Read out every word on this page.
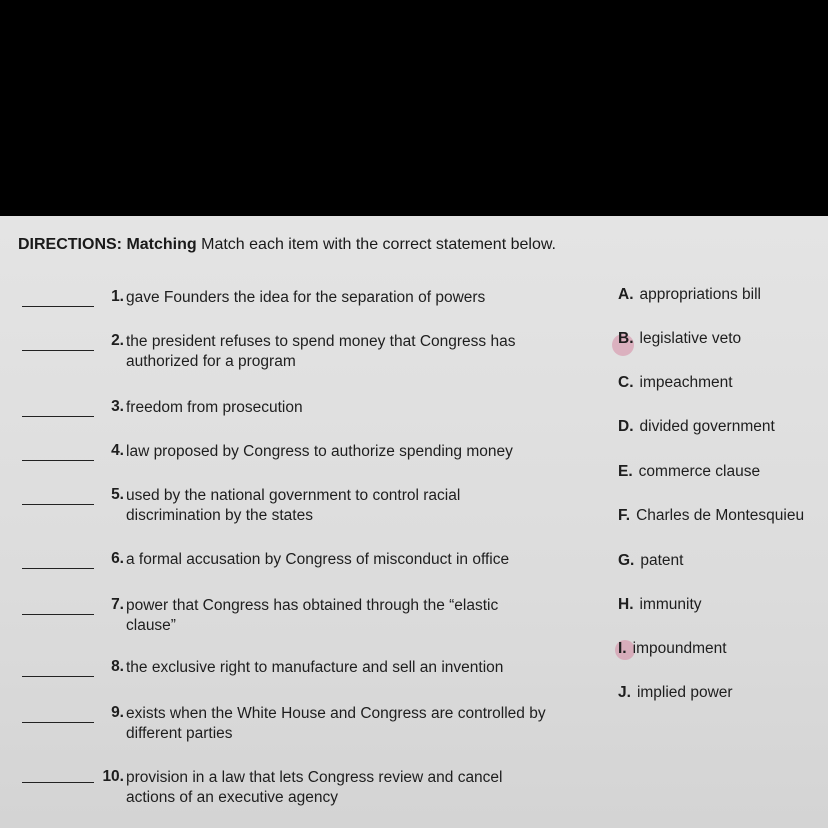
DIRECTIONS: Matching Match each item with the correct statement below.
1. gave Founders the idea for the separation of powers
2. the president refuses to spend money that Congress has authorized for a program
3. freedom from prosecution
4. law proposed by Congress to authorize spending money
5. used by the national government to control racial discrimination by the states
6. a formal accusation by Congress of misconduct in office
7. power that Congress has obtained through the “elastic clause”
8. the exclusive right to manufacture and sell an invention
9. exists when the White House and Congress are controlled by different parties
10. provision in a law that lets Congress review and cancel actions of an executive agency
A. appropriations bill
B. legislative veto
C. impeachment
D. divided government
E. commerce clause
F. Charles de Montesquieu
G. patent
H. immunity
I. impoundment
J. implied power
